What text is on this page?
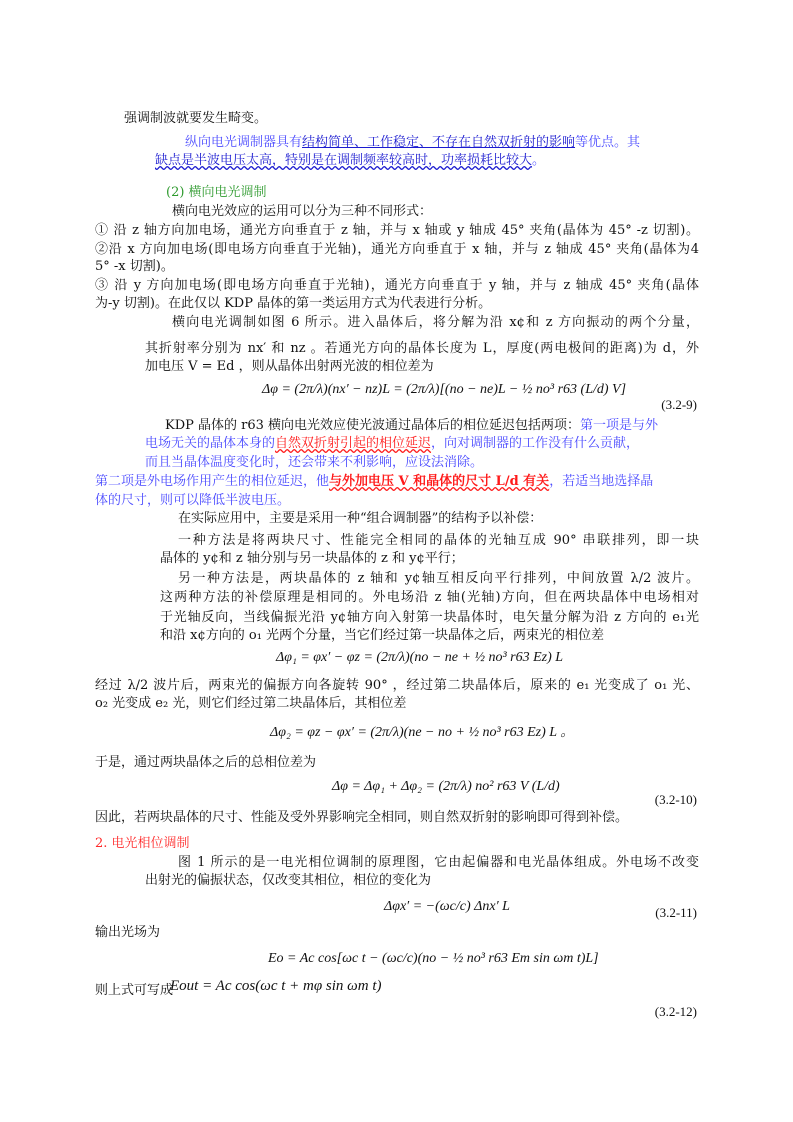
强调制波就要发生畸变。
纵向电光调制器具有结构简单、工作稳定、不存在自然双折射的影响等优点。其
缺点是半波电压太高，特别是在调制频率较高时，功率损耗比较大。
(2) 横向电光调制
横向电光效应的运用可以分为三种不同形式：
① 沿 z 轴方向加电场，通光方向垂直于 z 轴，并与 x 轴或 y 轴成 45° 夹角(晶体为 45° -z 切割)。
②沿 x 方向加电场(即电场方向垂直于光轴)，通光方向垂直于 x 轴，并与 z 轴成 45° 夹角(晶体为4
5° -x 切割)。
③ 沿 y 方向加电场(即电场方向垂直于光轴)，通光方向垂直于 y 轴，并与 z 轴成 45° 夹角(晶体
为-y 切割)。在此仅以 KDP 晶体的第一类运用方式为代表进行分析。
横向电光调制如图 6 所示。进入晶体后，将分解为沿 x¢和 z 方向振动的两个分量，
其折射率分别为 nx′ 和 nz 。若通光方向的晶体长度为 L，厚度(两电极间的距离)为 d，外
加电压 V = Ed ，则从晶体出射两光波的相位差为
Δφ = (2π/λ)(nx′ − nz)L = (2π/λ)[(no − ne)L − ½ no³ r63 (L/d) V]
(3.2-9)
KDP 晶体的 r63 横向电光效应使光波通过晶体后的相位延迟包括两项：第一项是与外
电场无关的晶体本身的自然双折射引起的相位延迟，向对调制器的工作没有什么贡献，
而且当晶体温度变化时，还会带来不利影响，应设法消除。
第二项是外电场作用产生的相位延迟，他与外加电压 V 和晶体的尺寸 L/d 有关，若适当地选择晶
体的尺寸，则可以降低半波电压。
在实际应用中，主要是采用一种“组合调制器”的结构予以补偿：
一种方法是将两块尺寸、性能完全相同的晶体的光轴互成 90° 串联排列，即一块
晶体的 y¢和 z 轴分别与另一块晶体的 z 和 y¢平行；
另一种方法是，两块晶体的 z 轴和 y¢轴互相反向平行排列，中间放置 λ/2 波片。
这两种方法的补偿原理是相同的。外电场沿 z 轴(光轴)方向，但在两块晶体中电场相对
于光轴反向，当线偏振光沿 y¢轴方向入射第一块晶体时，电矢量分解为沿 z 方向的 e₁光
和沿 x¢方向的 o₁ 光两个分量，当它们经过第一块晶体之后，两束光的相位差
Δφ₁ = φx′ − φz = (2π/λ)(no − ne + ½ no³ r63 Ez) L
经过 λ/2 波片后，两束光的偏振方向各旋转 90° ，经过第二块晶体后，原来的 e₁ 光变成了 o₁ 光、
o₂ 光变成 e₂ 光，则它们经过第二块晶体后，其相位差
Δφ₂ = φz − φx′ = (2π/λ)(ne − no + ½ no³ r63 Ez) L 。
于是，通过两块晶体之后的总相位差为
Δφ = Δφ₁ + Δφ₂ = (2π/λ) no² r63 V (L/d)
(3.2-10)
因此，若两块晶体的尺寸、性能及受外界影响完全相同，则自然双折射的影响即可得到补偿。
2. 电光相位调制
图 1 所示的是一电光相位调制的原理图，它由起偏器和电光晶体组成。外电场不改变
出射光的偏振状态，仅改变其相位，相位的变化为
Δφx′ = −(ωc/c) Δnx′ L	(3.2-11)
输出光场为
Eo = Ac cos[ωc t − (ωc/c)(no − ½ no³ r63 Em sin ωm t)L]
则上式可写成
Eout = Ac cos(ωc t + mφ sin ωm t)
(3.2-12)
